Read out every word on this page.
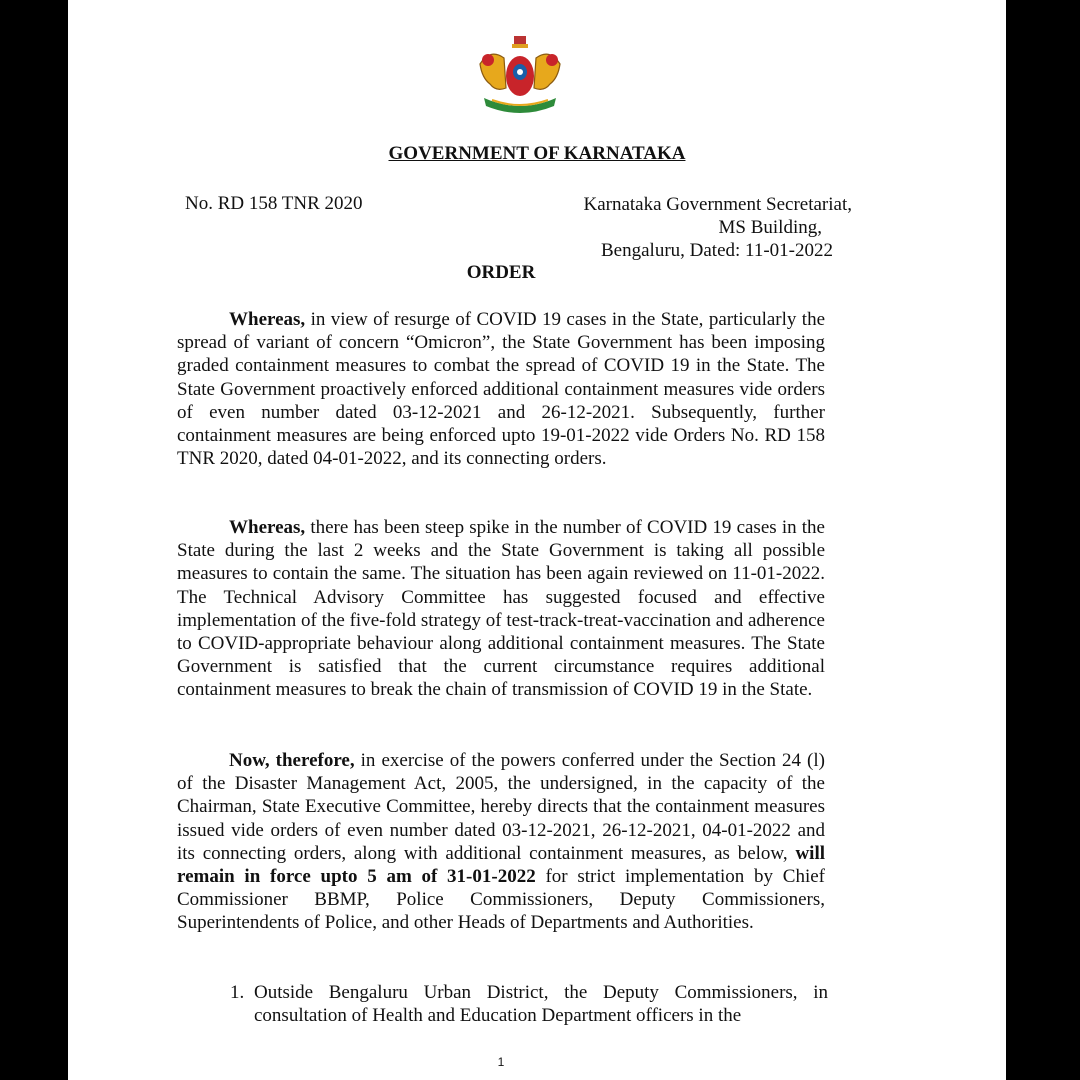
GOVERNMENT OF KARNATAKA
No. RD 158 TNR 2020	Karnataka Government Secretariat,
MS Building,
Bengaluru, Dated: 11-01-2022
ORDER
Whereas, in view of resurge of COVID 19 cases in the State, particularly the spread of variant of concern “Omicron”, the State Government has been imposing graded containment measures to combat the spread of COVID 19 in the State. The State Government proactively enforced additional containment measures vide orders of even number dated 03-12-2021 and 26-12-2021. Subsequently, further containment measures are being enforced upto 19-01-2022 vide Orders No. RD 158 TNR 2020, dated 04-01-2022, and its connecting orders.
Whereas, there has been steep spike in the number of COVID 19 cases in the State during the last 2 weeks and the State Government is taking all possible measures to contain the same. The situation has been again reviewed on 11-01-2022. The Technical Advisory Committee has suggested focused and effective implementation of the five-fold strategy of test-track-treat-vaccination and adherence to COVID-appropriate behaviour along additional containment measures. The State Government is satisfied that the current circumstance requires additional containment measures to break the chain of transmission of COVID 19 in the State.
Now, therefore, in exercise of the powers conferred under the Section 24 (l) of the Disaster Management Act, 2005, the undersigned, in the capacity of the Chairman, State Executive Committee, hereby directs that the containment measures issued vide orders of even number dated 03-12-2021, 26-12-2021, 04-01-2022 and its connecting orders, along with additional containment measures, as below, will remain in force upto 5 am of 31-01-2022 for strict implementation by Chief Commissioner BBMP, Police Commissioners, Deputy Commissioners, Superintendents of Police, and other Heads of Departments and Authorities.
1. Outside Bengaluru Urban District, the Deputy Commissioners, in consultation of Health and Education Department officers in the
1
